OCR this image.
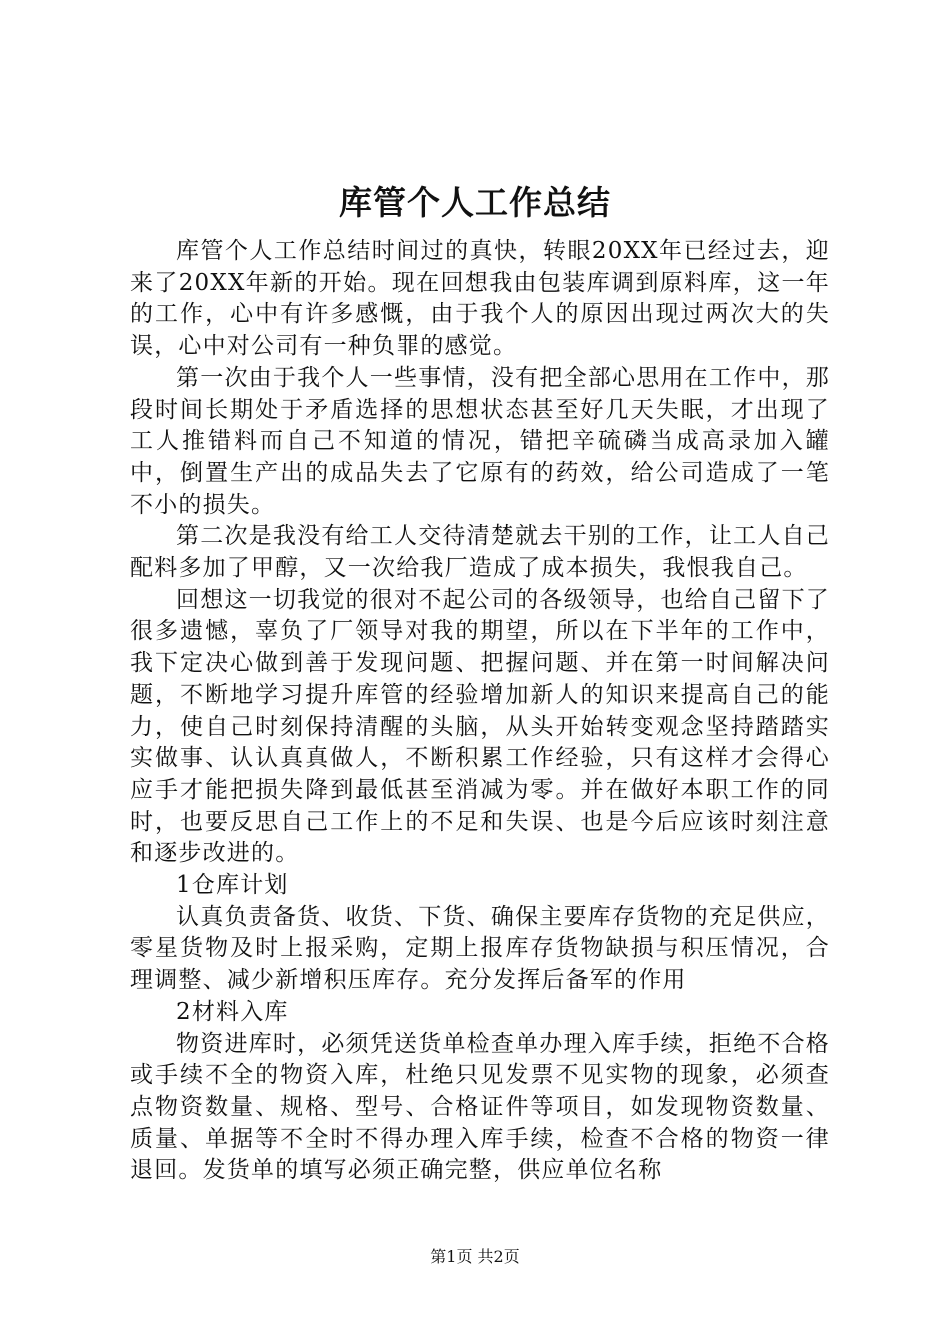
库管个人工作总结

库管个人工作总结时间过的真快，转眼20XX年已经过去，迎来了20XX年新的开始。现在回想我由包装库调到原料库，这一年的工作，心中有许多感慨，由于我个人的原因出现过两次大的失误，心中对公司有一种负罪的感觉。

第一次由于我个人一些事情，没有把全部心思用在工作中，那段时间长期处于矛盾选择的思想状态甚至好几天失眠，才出现了工人推错料而自己不知道的情况，错把辛硫磷当成高录加入罐中，倒置生产出的成品失去了它原有的药效，给公司造成了一笔不小的损失。

第二次是我没有给工人交待清楚就去干别的工作，让工人自己配料多加了甲醇，又一次给我厂造成了成本损失，我恨我自己。

回想这一切我觉的很对不起公司的各级领导，也给自己留下了很多遗憾，辜负了厂领导对我的期望，所以在下半年的工作中，我下定决心做到善于发现问题、把握问题、并在第一时间解决问题，不断地学习提升库管的经验增加新人的知识来提高自己的能力，使自己时刻保持清醒的头脑，从头开始转变观念坚持踏踏实实做事、认认真真做人，不断积累工作经验，只有这样才会得心应手才能把损失降到最低甚至消减为零。并在做好本职工作的同时，也要反思自己工作上的不足和失误、也是今后应该时刻注意和逐步改进的。

1仓库计划

认真负责备货、收货、下货、确保主要库存货物的充足供应，零星货物及时上报采购，定期上报库存货物缺损与积压情况，合理调整、减少新增积压库存。充分发挥后备军的作用

2材料入库

物资进库时，必须凭送货单检查单办理入库手续，拒绝不合格或手续不全的物资入库，杜绝只见发票不见实物的现象，必须查点物资数量、规格、型号、合格证件等项目，如发现物资数量、质量、单据等不全时不得办理入库手续，检查不合格的物资一律退回。发货单的填写必须正确完整，供应单位名称

第1页 共2页
